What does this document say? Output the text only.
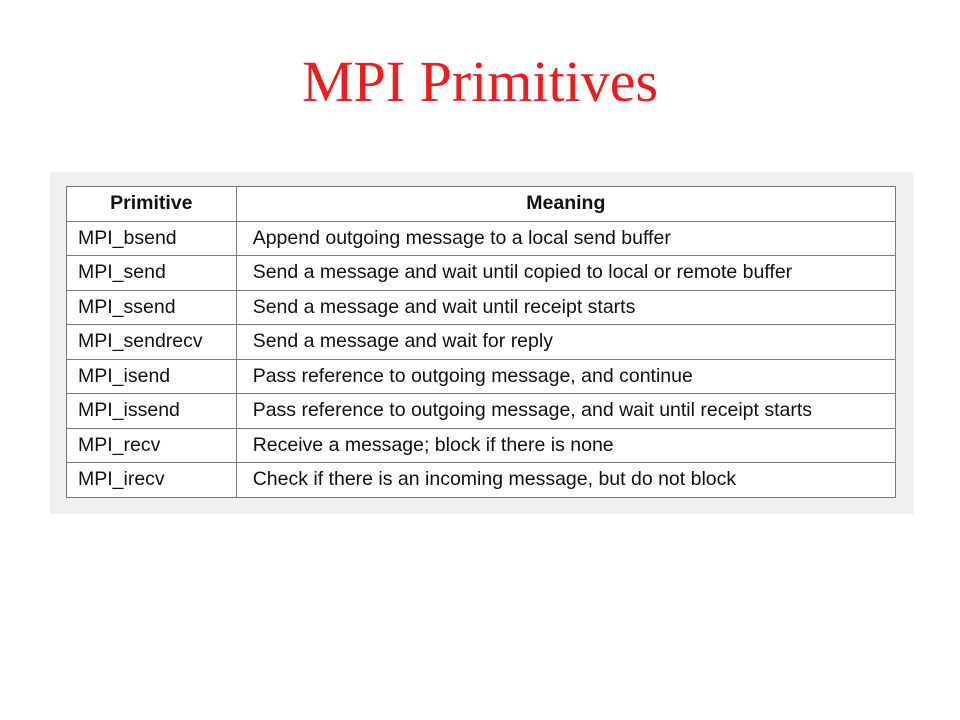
MPI Primitives
Primitive	Meaning
MPI_bsend	Append outgoing message to a local send buffer
MPI_send	Send a message and wait until copied to local or remote buffer
MPI_ssend	Send a message and wait until receipt starts
MPI_sendrecv	Send a message and wait for reply
MPI_isend	Pass reference to outgoing message, and continue
MPI_issend	Pass reference to outgoing message, and wait until receipt starts
MPI_recv	Receive a message; block if there is none
MPI_irecv	Check if there is an incoming message, but do not block
